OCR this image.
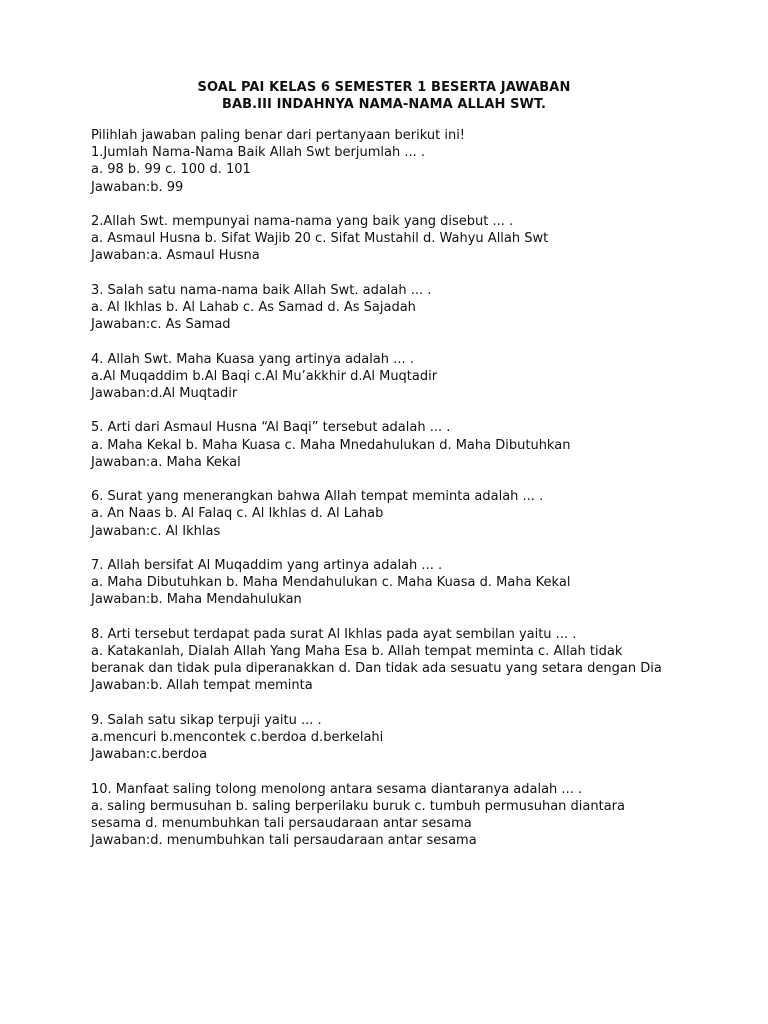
SOAL PAI KELAS 6 SEMESTER 1 BESERTA JAWABAN
BAB.III INDAHNYA NAMA-NAMA ALLAH SWT.
Pilihlah jawaban paling benar dari pertanyaan berikut ini!
1.Jumlah Nama-Nama Baik Allah Swt berjumlah ... .
a. 98 b. 99 c. 100 d. 101
Jawaban:b. 99
2.Allah Swt. mempunyai nama-nama yang baik yang disebut ... .
a. Asmaul Husna b. Sifat Wajib 20 c. Sifat Mustahil d. Wahyu Allah Swt
Jawaban:a. Asmaul Husna
3. Salah satu nama-nama baik Allah Swt. adalah ... .
a. Al Ikhlas b. Al Lahab c. As Samad d. As Sajadah
Jawaban:c. As Samad
4. Allah Swt. Maha Kuasa yang artinya adalah ... .
a.Al Muqaddim b.Al Baqi c.Al Mu’akkhir d.Al Muqtadir
Jawaban:d.Al Muqtadir
5. Arti dari Asmaul Husna “Al Baqi” tersebut adalah ... .
a. Maha Kekal b. Maha Kuasa c. Maha Mnedahulukan d. Maha Dibutuhkan
Jawaban:a. Maha Kekal
6. Surat yang menerangkan bahwa Allah tempat meminta adalah ... .
a. An Naas b. Al Falaq c. Al Ikhlas d. Al Lahab
Jawaban:c. Al Ikhlas
7. Allah bersifat Al Muqaddim yang artinya adalah ... .
a. Maha Dibutuhkan b. Maha Mendahulukan c. Maha Kuasa d. Maha Kekal
Jawaban:b. Maha Mendahulukan
8. Arti tersebut terdapat pada surat Al Ikhlas pada ayat sembilan yaitu ... .
a. Katakanlah, Dialah Allah Yang Maha Esa b. Allah tempat meminta c. Allah tidak
beranak dan tidak pula diperanakkan d. Dan tidak ada sesuatu yang setara dengan Dia
Jawaban:b. Allah tempat meminta
9. Salah satu sikap terpuji yaitu ... .
a.mencuri b.mencontek c.berdoa d.berkelahi
Jawaban:c.berdoa
10. Manfaat saling tolong menolong antara sesama diantaranya adalah ... .
a. saling bermusuhan b. saling berperilaku buruk c. tumbuh permusuhan diantara
sesama d. menumbuhkan tali persaudaraan antar sesama
Jawaban:d. menumbuhkan tali persaudaraan antar sesama
